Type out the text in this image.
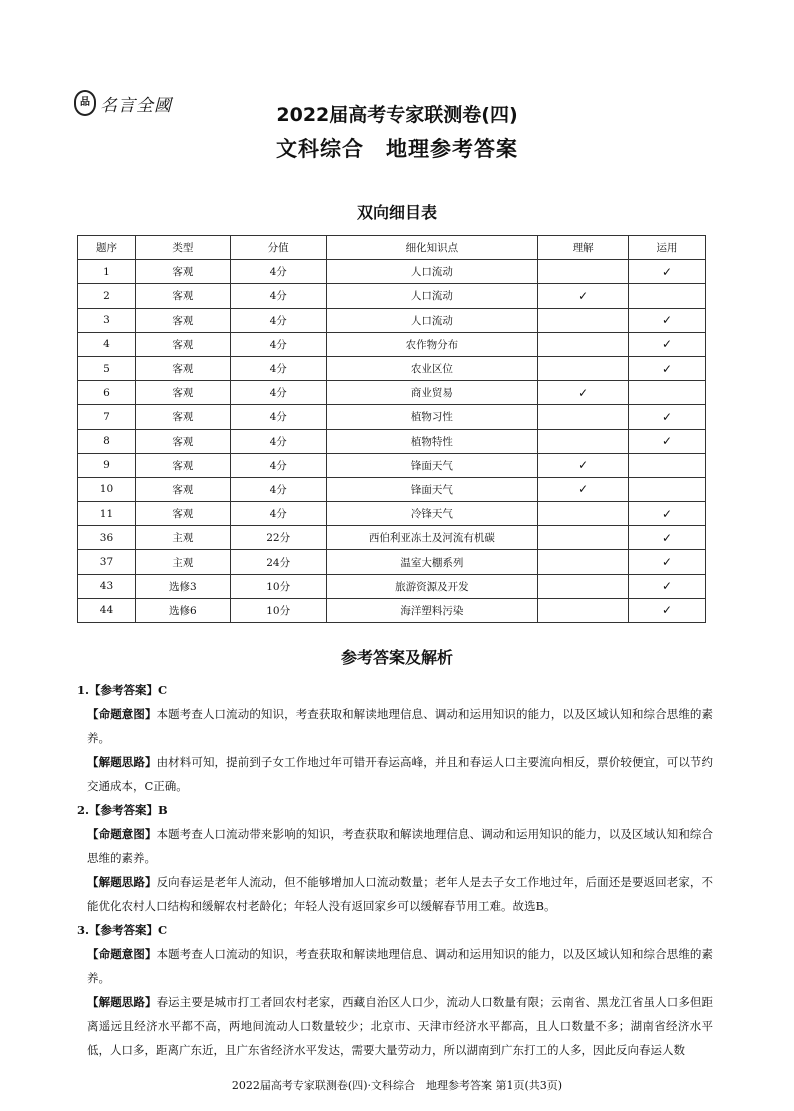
品 名言全國	2022届高考专家联测卷(四)
文科综合　地理参考答案
双向细目表
题序	类型	分值	细化知识点	理解	运用
1	客观	4分	人口流动		✓
2	客观	4分	人口流动	✓	
3	客观	4分	人口流动		✓
4	客观	4分	农作物分布		✓
5	客观	4分	农业区位		✓
6	客观	4分	商业贸易	✓	
7	客观	4分	植物习性		✓
8	客观	4分	植物特性		✓
9	客观	4分	锋面天气	✓	
10	客观	4分	锋面天气	✓	
11	客观	4分	冷锋天气		✓
36	主观	22分	西伯利亚冻土及河流有机碳		✓
37	主观	24分	温室大棚系列		✓
43	选修3	10分	旅游资源及开发		✓
44	选修6	10分	海洋塑料污染		✓
参考答案及解析

1.【参考答案】C

【命题意图】本题考查人口流动的知识，考查获取和解读地理信息、调动和运用知识的能力，以及区域认知和综合思维的素养。

【解题思路】由材料可知，提前到子女工作地过年可错开春运高峰，并且和春运人口主要流向相反，票价较便宜，可以节约交通成本，C正确。

2.【参考答案】B

【命题意图】本题考查人口流动带来影响的知识，考查获取和解读地理信息、调动和运用知识的能力，以及区域认知和综合思维的素养。

【解题思路】反向春运是老年人流动，但不能够增加人口流动数量；老年人是去子女工作地过年，后面还是要返回老家，不能优化农村人口结构和缓解农村老龄化；年轻人没有返回家乡可以缓解春节用工难。故选B。

3.【参考答案】C

【命题意图】本题考查人口流动的知识，考查获取和解读地理信息、调动和运用知识的能力，以及区域认知和综合思维的素养。

【解题思路】春运主要是城市打工者回农村老家，西藏自治区人口少，流动人口数量有限；云南省、黑龙江省虽人口多但距离遥远且经济水平都不高，两地间流动人口数量较少；北京市、天津市经济水平都高，且人口数量不多；湖南省经济水平低，人口多，距离广东近，且广东省经济水平发达，需要大量劳动力，所以湖南到广东打工的人多，因此反向春运人数

2022届高考专家联测卷(四)·文科综合　地理参考答案 第1页(共3页)
